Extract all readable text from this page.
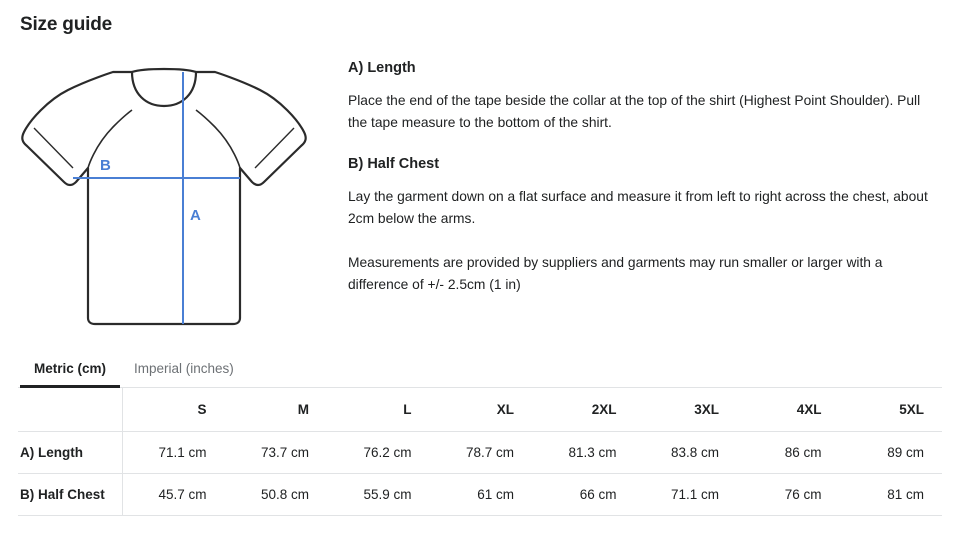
Size guide
B
A
A) Length

Place the end of the tape beside the collar at the top of the shirt (Highest Point Shoulder). Pull the tape measure to the bottom of the shirt.

B) Half Chest

Lay the garment down on a flat surface and measure it from left to right across the chest, about 2cm below the arms.

Measurements are provided by suppliers and garments may run smaller or larger with a difference of +/- 2.5cm (1 in)

Metric (cm)	Imperial (inches)
	S	M	L	XL	2XL	3XL	4XL	5XL
A) Length	71.1 cm	73.7 cm	76.2 cm	78.7 cm	81.3 cm	83.8 cm	86 cm	89 cm
B) Half Chest	45.7 cm	50.8 cm	55.9 cm	61 cm	66 cm	71.1 cm	76 cm	81 cm
